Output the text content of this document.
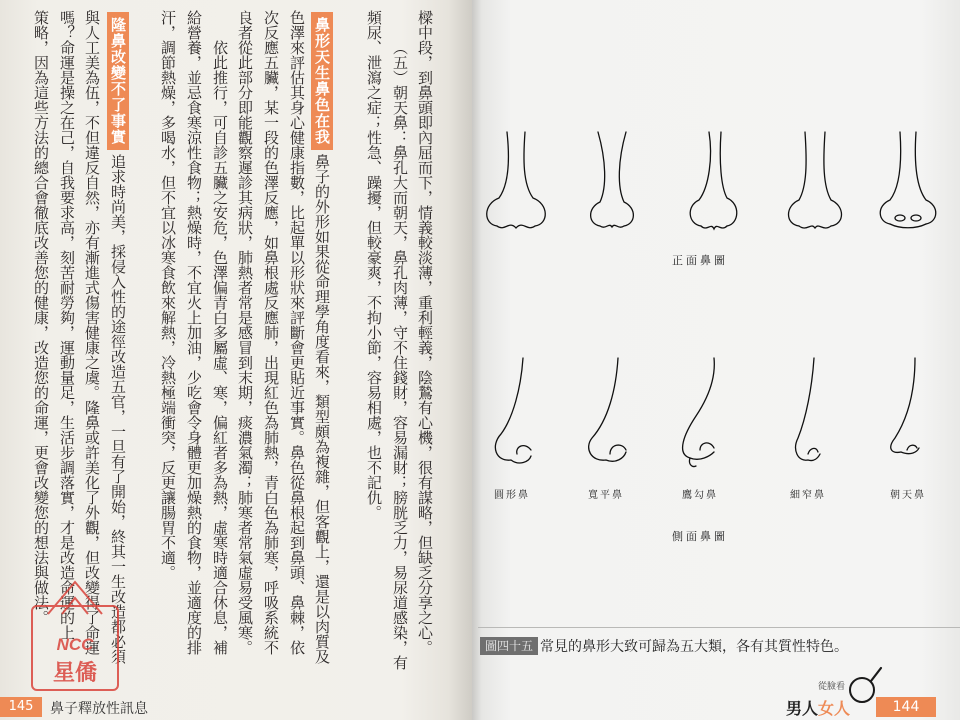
樑中段，到鼻頭即內屈而下，情義較淡薄，重利輕義，陰鷙有心機，很有謀略，但缺乏分享之心。
（五）朝天鼻：鼻孔大而朝天，鼻孔肉薄，守不住錢財，容易漏財；膀胱乏力，易尿道感染，有
頻尿、泄瀉之症；性急、躁擾，但較豪爽，不拘小節，容易相處，也不記仇。
鼻形天生鼻色在我
鼻子的外形如果從命理學角度看來，類型頗為複雜，但客觀上，還是以肉質及
色澤來評估其身心健康指數，比起單以形狀來評斷會更貼近事實。鼻色從鼻根起到鼻頭、鼻棘，依
次反應五臟，某一段的色澤反應，如鼻根處反應肺，出現紅色為肺熱，青白色為肺寒，呼吸系統不
良者從此部分即能觀察遲診其病狀，肺熱者常是感冒到末期，痰濃氣濁；肺寒者常氣虛易受風寒。
依此推行，可自診五臟之安危，色澤偏青白多屬虛、寒，偏紅者多為熱，虛寒時適合休息，補
給營養，並忌食寒涼性食物；熱燥時，不宜火上加油，少吃會令身體更加燥熱的食物，並適度的排
汗，調節熱燥，多喝水，但不宜以冰寒食飲來解熱，冷熱極端衝突，反更讓腸胃不適。
隆鼻改變不了事實
追求時尚美，採侵入性的途徑改造五官，一旦有了開始，終其一生改造都必須
與人工美為伍，不但違反自然，亦有漸進式傷害健康之虞。隆鼻或許美化了外觀，但改變得了命運
嗎？命運是操之在己，自我要求高，刻苦耐勞夠，運動量足，生活步調落實，才是改造命運的上
策略，因為這些方法的總合會徹底改善您的健康，改造您的命運，更會改變您的想法與做法。
NCC
星僑
145	鼻子釋放性訊息
正面鼻圖
圓形鼻	寬平鼻	鷹勾鼻	細窄鼻	朝天鼻
側面鼻圖
圖四十五 常見的鼻形大致可歸為五大類，各有其質性特色。
從臉看
男人 女人	144
